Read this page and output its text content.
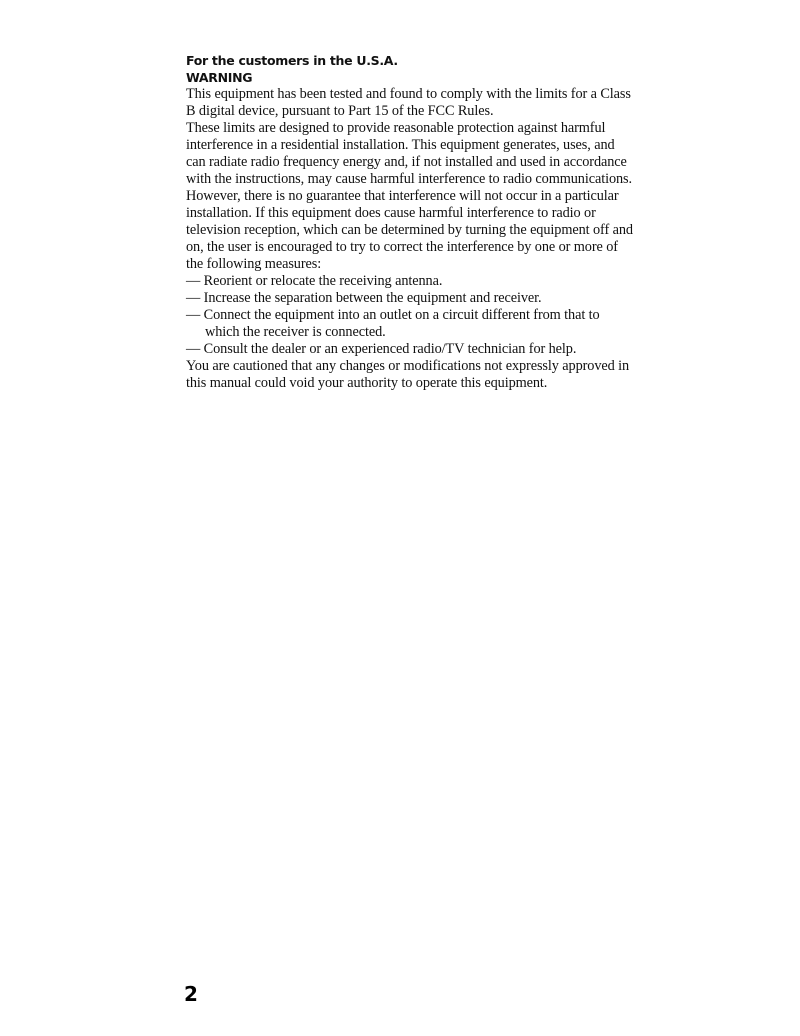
For the customers in the U.S.A.
WARNING

This equipment has been tested and found to comply with the limits for a Class B digital device, pursuant to Part 15 of the FCC Rules.

These limits are designed to provide reasonable protection against harmful interference in a residential installation. This equipment generates, uses, and can radiate radio frequency energy and, if not installed and used in accordance with the instructions, may cause harmful interference to radio communications. However, there is no guarantee that interference will not occur in a particular installation. If this equipment does cause harmful interference to radio or television reception, which can be determined by turning the equipment off and on, the user is encouraged to try to correct the interference by one or more of the following measures:

— Reorient or relocate the receiving antenna.
— Increase the separation between the equipment and receiver.
— Connect the equipment into an outlet on a circuit different from that to which the receiver is connected.
— Consult the dealer or an experienced radio/TV technician for help.

You are cautioned that any changes or modifications not expressly approved in this manual could void your authority to operate this equipment.

2
